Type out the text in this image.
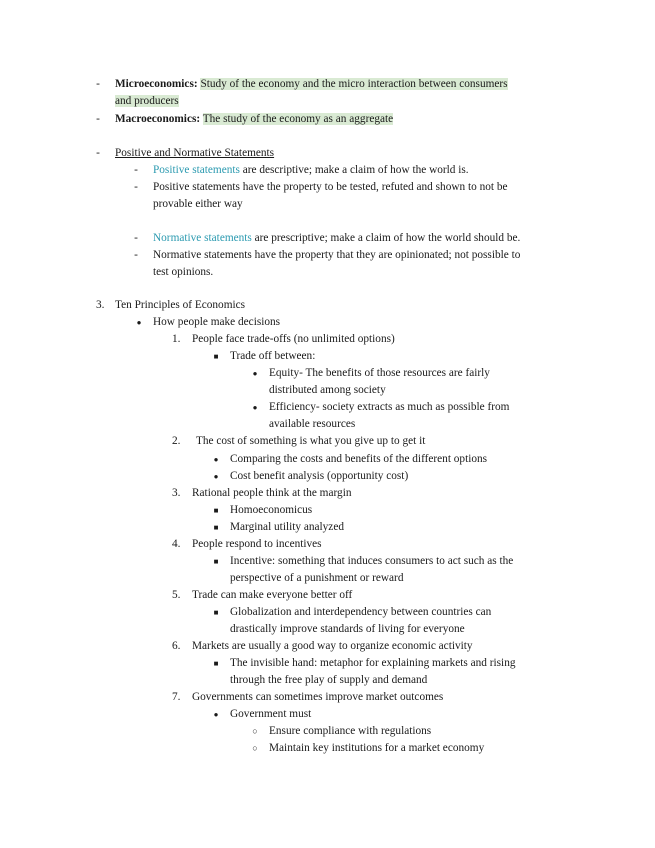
- Microeconomics: Study of the economy and the micro interaction between consumers
and producers
- Macroeconomics: The study of the economy as an aggregate
- Positive and Normative Statements
- Positive statements are descriptive; make a claim of how the world is.
- Positive statements have the property to be tested, refuted and shown to not be
provable either way
- Normative statements are prescriptive; make a claim of how the world should be.
- Normative statements have the property that they are opinionated; not possible to
test opinions.
3. Ten Principles of Economics
● How people make decisions
1. People face trade-offs (no unlimited options)
■ Trade off between:
● Equity- The benefits of those resources are fairly
distributed among society
● Efficiency- society extracts as much as possible from
available resources
2. The cost of something is what you give up to get it
● Comparing the costs and benefits of the different options
● Cost benefit analysis (opportunity cost)
3. Rational people think at the margin
■ Homoeconomicus
■ Marginal utility analyzed
4. People respond to incentives
■ Incentive: something that induces consumers to act such as the
perspective of a punishment or reward
5. Trade can make everyone better off
■ Globalization and interdependency between countries can
drastically improve standards of living for everyone
6. Markets are usually a good way to organize economic activity
■ The invisible hand: metaphor for explaining markets and rising
through the free play of supply and demand
7. Governments can sometimes improve market outcomes
● Government must
○ Ensure compliance with regulations
○ Maintain key institutions for a market economy
